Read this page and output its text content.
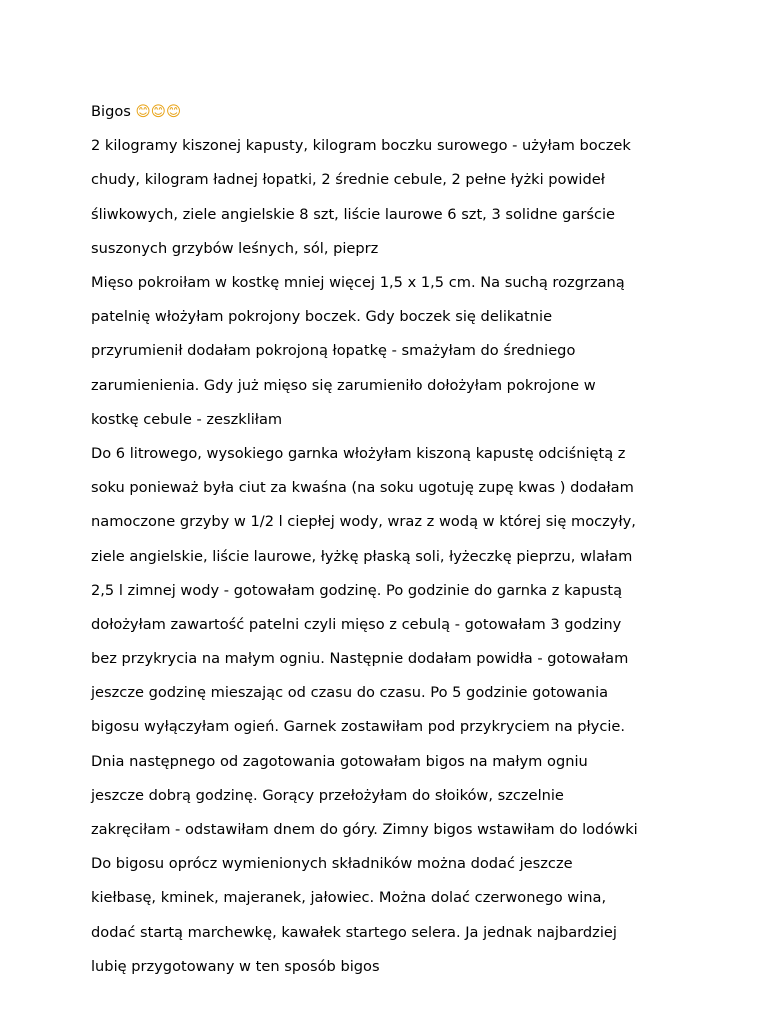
Bigos 😊😊😊

2 kilogramy kiszonej kapusty, kilogram boczku surowego - użyłam boczek

chudy, kilogram ładnej łopatki, 2 średnie cebule, 2 pełne łyżki powideł

śliwkowych, ziele angielskie 8 szt, liście laurowe 6 szt, 3 solidne garście

suszonych grzybów leśnych, sól, pieprz

Mięso pokroiłam w kostkę mniej więcej 1,5 x 1,5 cm. Na suchą rozgrzaną

patelnię włożyłam pokrojony boczek. Gdy boczek się delikatnie

przyrumienił dodałam pokrojoną łopatkę - smażyłam do średniego

zarumienienia. Gdy już mięso się zarumieniło dołożyłam pokrojone w

kostkę cebule - zeszkliłam

Do 6 litrowego, wysokiego garnka włożyłam kiszoną kapustę odciśniętą z

soku ponieważ była ciut za kwaśna (na soku ugotuję zupę kwas ) dodałam

namoczone grzyby w 1/2 l ciepłej wody, wraz z wodą w której się moczyły,

ziele angielskie, liście laurowe, łyżkę płaską soli, łyżeczkę pieprzu, wlałam

2,5 l zimnej wody - gotowałam godzinę. Po godzinie do garnka z kapustą

dołożyłam zawartość patelni czyli mięso z cebulą - gotowałam 3 godziny

bez przykrycia na małym ogniu. Następnie dodałam powidła - gotowałam

jeszcze godzinę mieszając od czasu do czasu. Po 5 godzinie gotowania

bigosu wyłączyłam ogień. Garnek zostawiłam pod przykryciem na płycie.

Dnia następnego od zagotowania gotowałam bigos na małym ogniu

jeszcze dobrą godzinę. Gorący przełożyłam do słoików, szczelnie

zakręciłam - odstawiłam dnem do góry. Zimny bigos wstawiłam do lodówki

Do bigosu oprócz wymienionych składników można dodać jeszcze

kiełbasę, kminek, majeranek, jałowiec. Można dolać czerwonego wina,

dodać startą marchewkę, kawałek startego selera. Ja jednak najbardziej

lubię przygotowany w ten sposób bigos
